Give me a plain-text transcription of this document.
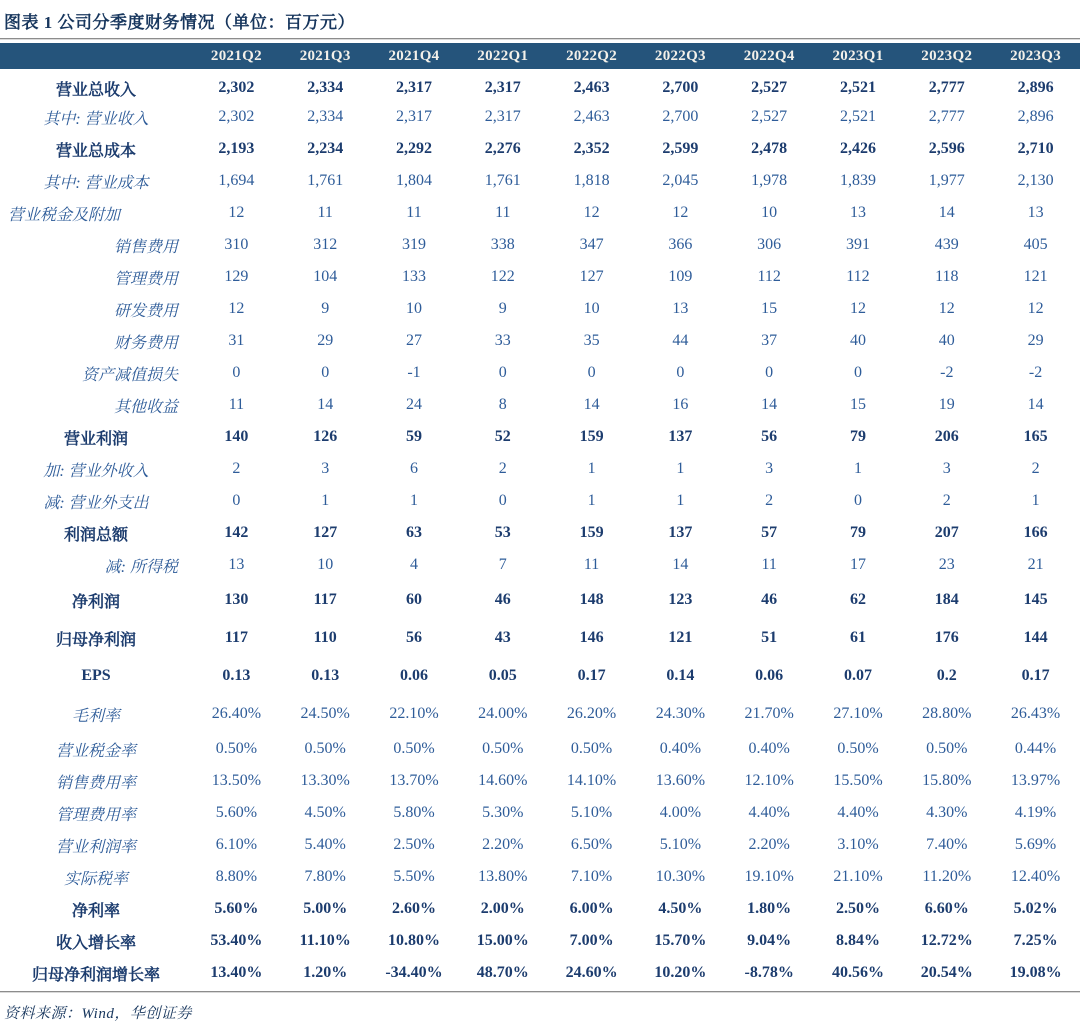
图表 1 公司分季度财务情况（单位：百万元）
	2021Q2	2021Q3	2021Q4	2022Q1	2022Q2	2022Q3	2022Q4	2023Q1	2023Q2	2023Q3
营业总收入	2,302	2,334	2,317	2,317	2,463	2,700	2,527	2,521	2,777	2,896
其中: 营业收入	2,302	2,334	2,317	2,317	2,463	2,700	2,527	2,521	2,777	2,896
营业总成本	2,193	2,234	2,292	2,276	2,352	2,599	2,478	2,426	2,596	2,710
其中: 营业成本	1,694	1,761	1,804	1,761	1,818	2,045	1,978	1,839	1,977	2,130
营业税金及附加	12	11	11	11	12	12	10	13	14	13
销售费用	310	312	319	338	347	366	306	391	439	405
管理费用	129	104	133	122	127	109	112	112	118	121
研发费用	12	9	10	9	10	13	15	12	12	12
财务费用	31	29	27	33	35	44	37	40	40	29
资产减值损失	0	0	-1	0	0	0	0	0	-2	-2
其他收益	11	14	24	8	14	16	14	15	19	14
营业利润	140	126	59	52	159	137	56	79	206	165
加: 营业外收入	2	3	6	2	1	1	3	1	3	2
减: 营业外支出	0	1	1	0	1	1	2	0	2	1
利润总额	142	127	63	53	159	137	57	79	207	166
减: 所得税	13	10	4	7	11	14	11	17	23	21
净利润	130	117	60	46	148	123	46	62	184	145
归母净利润	117	110	56	43	146	121	51	61	176	144
EPS	0.13	0.13	0.06	0.05	0.17	0.14	0.06	0.07	0.2	0.17
毛利率	26.40%	24.50%	22.10%	24.00%	26.20%	24.30%	21.70%	27.10%	28.80%	26.43%
营业税金率	0.50%	0.50%	0.50%	0.50%	0.50%	0.40%	0.40%	0.50%	0.50%	0.44%
销售费用率	13.50%	13.30%	13.70%	14.60%	14.10%	13.60%	12.10%	15.50%	15.80%	13.97%
管理费用率	5.60%	4.50%	5.80%	5.30%	5.10%	4.00%	4.40%	4.40%	4.30%	4.19%
营业利润率	6.10%	5.40%	2.50%	2.20%	6.50%	5.10%	2.20%	3.10%	7.40%	5.69%
实际税率	8.80%	7.80%	5.50%	13.80%	7.10%	10.30%	19.10%	21.10%	11.20%	12.40%
净利率	5.60%	5.00%	2.60%	2.00%	6.00%	4.50%	1.80%	2.50%	6.60%	5.02%
收入增长率	53.40%	11.10%	10.80%	15.00%	7.00%	15.70%	9.04%	8.84%	12.72%	7.25%
归母净利润增长率	13.40%	1.20%	-34.40%	48.70%	24.60%	10.20%	-8.78%	40.56%	20.54%	19.08%
资料来源：Wind，华创证券
